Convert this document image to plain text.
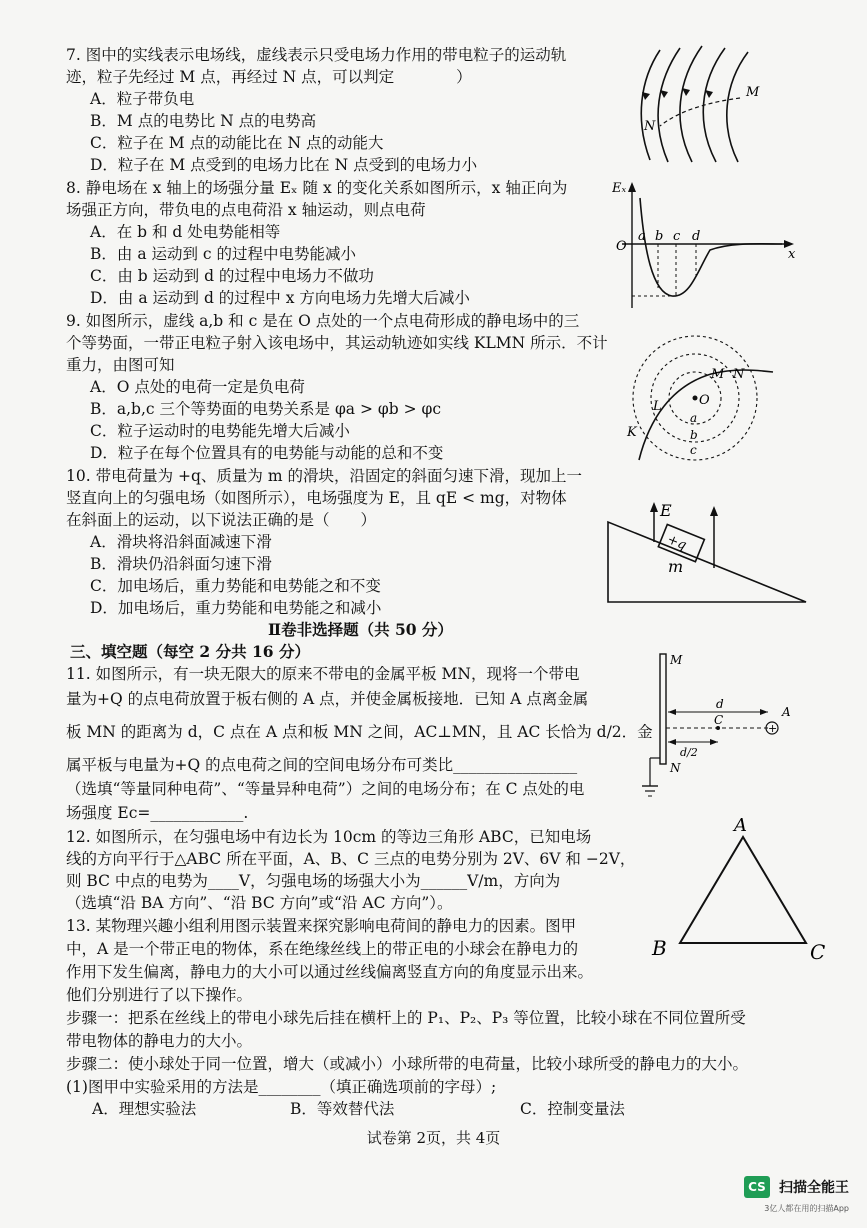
7. 图中的实线表示电场线，虚线表示只受电场力作用的带电粒子的运动轨
迹，粒子先经过 M 点，再经过 N 点，可以判定　　　　）
A．粒子带负电
B．M 点的电势比 N 点的电势高
C．粒子在 M 点的动能比在 N 点的动能大
D．粒子在 M 点受到的电场力比在 N 点受到的电场力小
8. 静电场在 x 轴上的场强分量 Eₓ 随 x 的变化关系如图所示，x 轴正向为
场强正方向，带负电的点电荷沿 x 轴运动，则点电荷
A．在 b 和 d 处电势能相等
B．由 a 运动到 c 的过程中电势能减小
C．由 b 运动到 d 的过程中电场力不做功
D．由 a 运动到 d 的过程中 x 方向电场力先增大后减小
9. 如图所示，虚线 a,b 和 c 是在 O 点处的一个点电荷形成的静电场中的三
个等势面，一带正电粒子射入该电场中，其运动轨迹如实线 KLMN 所示．不计
重力，由图可知
A．O 点处的电荷一定是负电荷
B．a,b,c 三个等势面的电势关系是 φa > φb > φc
C．粒子运动时的电势能先增大后减小
D．粒子在每个位置具有的电势能与动能的总和不变
10. 带电荷量为 +q、质量为 m 的滑块，沿固定的斜面匀速下滑，现加上一
竖直向上的匀强电场（如图所示），电场强度为 E，且 qE < mg，对物体
在斜面上的运动，以下说法正确的是（　　）
A．滑块将沿斜面减速下滑
B．滑块仍沿斜面匀速下滑
C．加电场后，重力势能和电势能之和不变
D．加电场后，重力势能和电势能之和减小
Ⅱ卷非选择题（共 50 分）
三、填空题（每空 2 分共 16 分）
11. 如图所示，有一块无限大的原来不带电的金属平板 MN，现将一个带电
量为+Q 的点电荷放置于板右侧的 A 点，并使金属板接地．已知 A 点离金属
板 MN 的距离为 d，C 点在 A 点和板 MN 之间，AC⊥MN，且 AC 长恰为 d/2．金
属平板与电量为+Q 的点电荷之间的空间电场分布可类比________________
（选填“等量同种电荷”、“等量异种电荷”）之间的电场分布；在 C 点处的电
场强度 Ec=____________.
12. 如图所示，在匀强电场中有边长为 10cm 的等边三角形 ABC，已知电场
线的方向平行于△ABC 所在平面，A、B、C 三点的电势分别为 2V、6V 和 −2V，
则 BC 中点的电势为____V，匀强电场的场强大小为______V/m，方向为
（选填“沿 BA 方向”、“沿 BC 方向”或“沿 AC 方向”）。
13. 某物理兴趣小组利用图示装置来探究影响电荷间的静电力的因素。图甲
中，A 是一个带正电的物体，系在绝缘丝线上的带正电的小球会在静电力的
作用下发生偏离，静电力的大小可以通过丝线偏离竖直方向的角度显示出来。
他们分别进行了以下操作。
步骤一：把系在丝线上的带电小球先后挂在横杆上的 P₁、P₂、P₃ 等位置，比较小球在不同位置所受
带电物体的静电力的大小。
步骤二：使小球处于同一位置，增大（或减小）小球所带的电荷量，比较小球所受的静电力的大小。
(1)图甲中实验采用的方法是________（填正确选项前的字母）;
A．理想实验法	B．等效替代法	C．控制变量法
试卷第 2页，共 4页
CS 扫描全能王
3亿人都在用的扫描App
M
N
Eₓ
O
a b c d
x
O
M N
L
K
a
b
c
+q
E
m
+
M
N
d
C
A
d/2
A
B	C
